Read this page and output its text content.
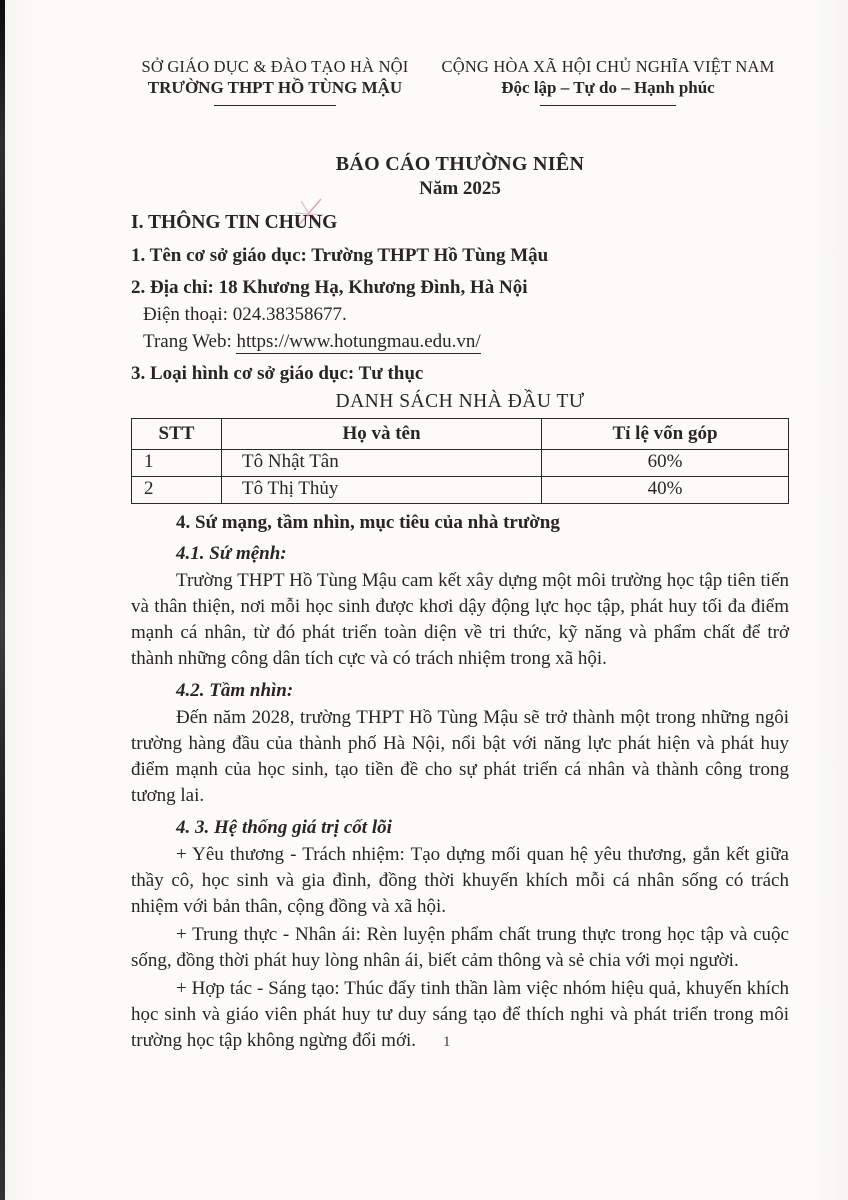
SỞ GIÁO DỤC & ĐÀO TẠO HÀ NỘI
TRƯỜNG THPT HỒ TÙNG MẬU
CỘNG HÒA XÃ HỘI CHỦ NGHĨA VIỆT NAM
Độc lập – Tự do – Hạnh phúc
BÁO CÁO THƯỜNG NIÊN
Năm 2025

I. THÔNG TIN CHUNG

1. Tên cơ sở giáo dục: Trường THPT Hồ Tùng Mậu

2. Địa chỉ: 18 Khương Hạ, Khương Đình, Hà Nội

Điện thoại: 024.38358677.

Trang Web: https://www.hotungmau.edu.vn/

3. Loại hình cơ sở giáo dục: Tư thục

DANH SÁCH NHÀ ĐẦU TƯ
STT	Họ và tên	Tỉ lệ vốn góp
1	Tô Nhật Tân	60%
2	Tô Thị Thủy	40%

4. Sứ mạng, tầm nhìn, mục tiêu của nhà trường

4.1. Sứ mệnh:

Trường THPT Hồ Tùng Mậu cam kết xây dựng một môi trường học tập tiên tiến và thân thiện, nơi mỗi học sinh được khơi dậy động lực học tập, phát huy tối đa điểm mạnh cá nhân, từ đó phát triển toàn diện về tri thức, kỹ năng và phẩm chất để trở thành những công dân tích cực và có trách nhiệm trong xã hội.

4.2. Tầm nhìn:

Đến năm 2028, trường THPT Hồ Tùng Mậu sẽ trở thành một trong những ngôi trường hàng đầu của thành phố Hà Nội, nổi bật với năng lực phát hiện và phát huy điểm mạnh của học sinh, tạo tiền đề cho sự phát triển cá nhân và thành công trong tương lai.

4. 3. Hệ thống giá trị cốt lõi

+ Yêu thương - Trách nhiệm: Tạo dựng mối quan hệ yêu thương, gắn kết giữa thầy cô, học sinh và gia đình, đồng thời khuyến khích mỗi cá nhân sống có trách nhiệm với bản thân, cộng đồng và xã hội.

+ Trung thực - Nhân ái: Rèn luyện phẩm chất trung thực trong học tập và cuộc sống, đồng thời phát huy lòng nhân ái, biết cảm thông và sẻ chia với mọi người.

+ Hợp tác - Sáng tạo: Thúc đẩy tinh thần làm việc nhóm hiệu quả, khuyến khích học sinh và giáo viên phát huy tư duy sáng tạo để thích nghi và phát triển trong môi trường học tập không ngừng đổi mới.	1
